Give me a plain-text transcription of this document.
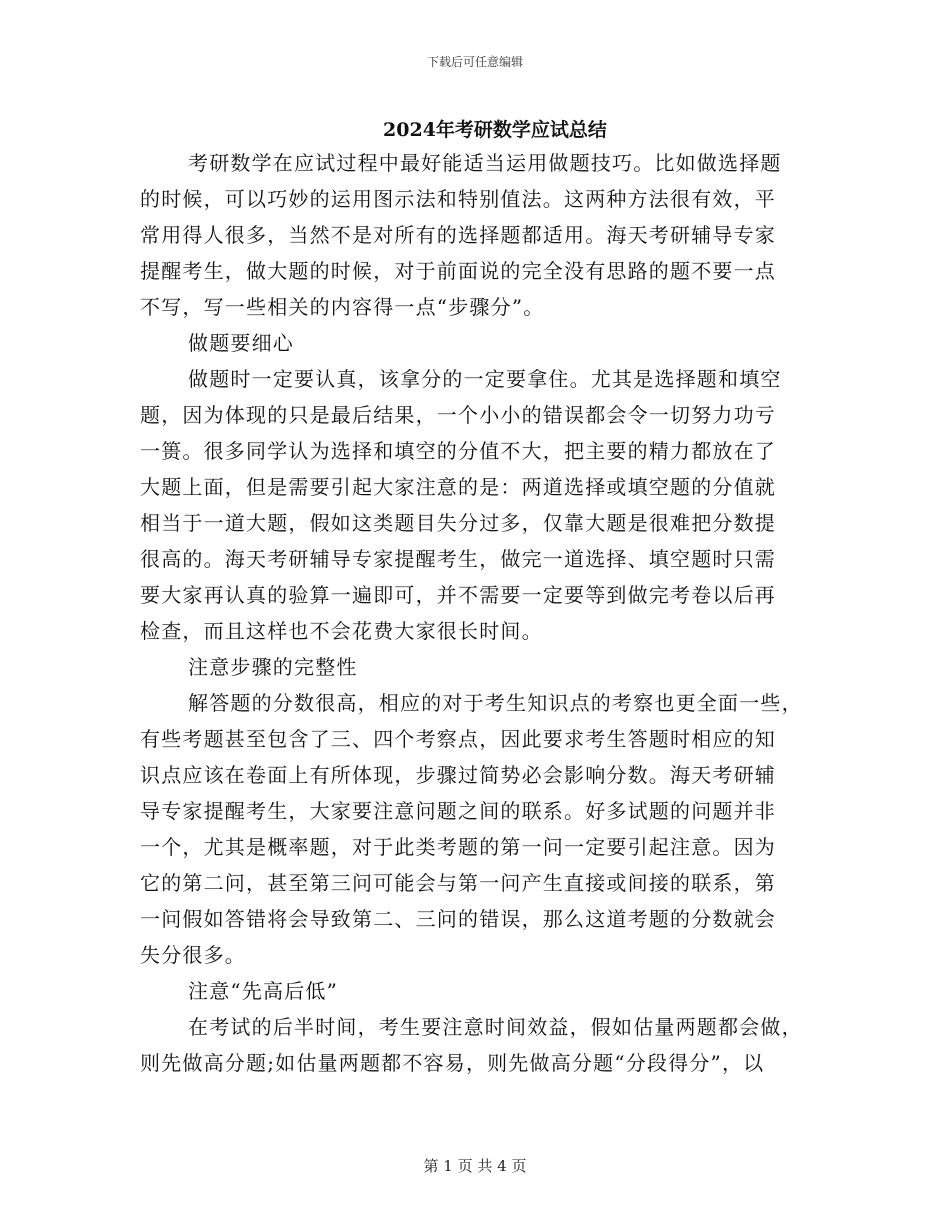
下载后可任意编辑
2024年考研数学应试总结
考研数学在应试过程中最好能适当运用做题技巧。比如做选择题
的时候，可以巧妙的运用图示法和特别值法。这两种方法很有效，平
常用得人很多，当然不是对所有的选择题都适用。海天考研辅导专家
提醒考生，做大题的时候，对于前面说的完全没有思路的题不要一点
不写，写一些相关的内容得一点“步骤分”。
做题要细心
做题时一定要认真，该拿分的一定要拿住。尤其是选择题和填空
题，因为体现的只是最后结果，一个小小的错误都会令一切努力功亏
一篑。很多同学认为选择和填空的分值不大，把主要的精力都放在了
大题上面，但是需要引起大家注意的是：两道选择或填空题的分值就
相当于一道大题，假如这类题目失分过多，仅靠大题是很难把分数提
很高的。海天考研辅导专家提醒考生，做完一道选择、填空题时只需
要大家再认真的验算一遍即可，并不需要一定要等到做完考卷以后再
检查，而且这样也不会花费大家很长时间。
注意步骤的完整性
解答题的分数很高，相应的对于考生知识点的考察也更全面一些，
有些考题甚至包含了三、四个考察点，因此要求考生答题时相应的知
识点应该在卷面上有所体现，步骤过简势必会影响分数。海天考研辅
导专家提醒考生，大家要注意问题之间的联系。好多试题的问题并非
一个，尤其是概率题，对于此类考题的第一问一定要引起注意。因为
它的第二问，甚至第三问可能会与第一问产生直接或间接的联系，第
一问假如答错将会导致第二、三问的错误，那么这道考题的分数就会
失分很多。
注意“先高后低”
在考试的后半时间，考生要注意时间效益，假如估量两题都会做，
则先做高分题;如估量两题都不容易，则先做高分题“分段得分”，以
第 1 页 共 4 页
